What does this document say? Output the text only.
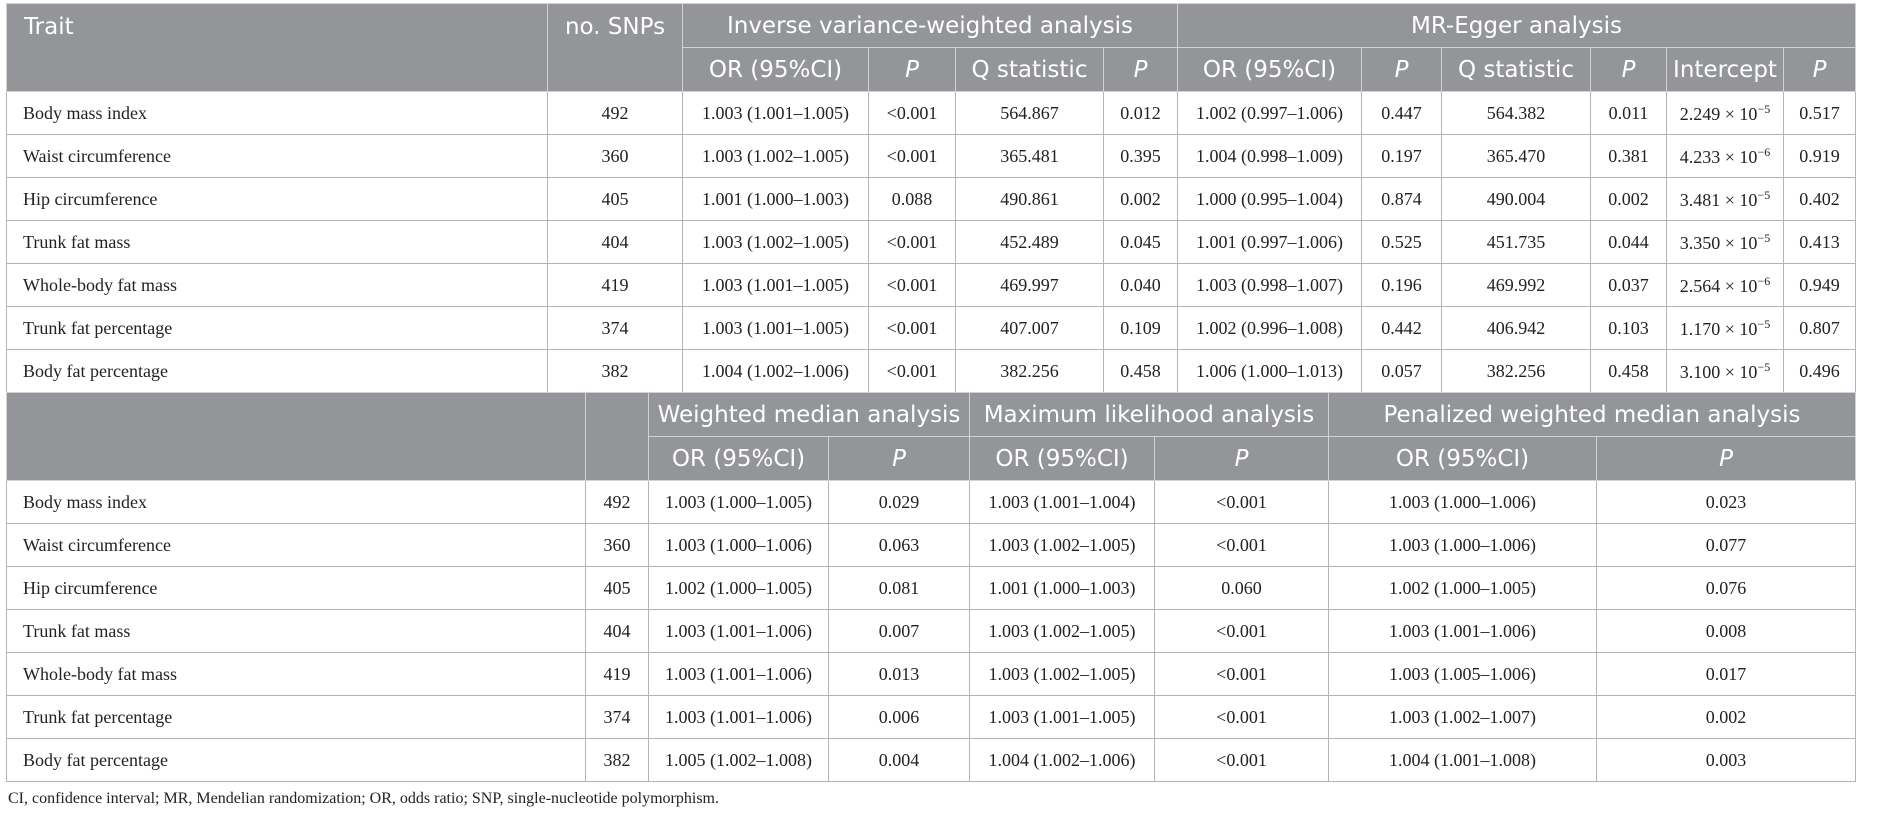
Trait	no. SNPs	Inverse variance-weighted analysis				MR-Egger analysis					
		OR (95%CI)	P	Q statistic	P	OR (95%CI)	P	Q statistic	P	Intercept	P
Body mass index	492	1.003 (1.001–1.005)	<0.001	564.867	0.012	1.002 (0.997–1.006)	0.447	564.382	0.011	$2.249 \times 10^{-5}$	0.517
Waist circumference	360	1.003 (1.002–1.005)	<0.001	365.481	0.395	1.004 (0.998–1.009)	0.197	365.470	0.381	$4.233 \times 10^{-6}$	0.919
Hip circumference	405	1.001 (1.000–1.003)	0.088	490.861	0.002	1.000 (0.995–1.004)	0.874	490.004	0.002	$3.481 \times 10^{-5}$	0.402
Trunk fat mass	404	1.003 (1.002–1.005)	<0.001	452.489	0.045	1.001 (0.997–1.006)	0.525	451.735	0.044	$3.350 \times 10^{-5}$	0.413
Whole-body fat mass	419	1.003 (1.001–1.005)	<0.001	469.997	0.040	1.003 (0.998–1.007)	0.196	469.992	0.037	$2.564 \times 10^{-6}$	0.949
Trunk fat percentage	374	1.003 (1.001–1.005)	<0.001	407.007	0.109	1.002 (0.996–1.008)	0.442	406.942	0.103	$1.170 \times 10^{-5}$	0.807
Body fat percentage	382	1.004 (1.002–1.006)	<0.001	382.256	0.458	1.006 (1.000–1.013)	0.057	382.256	0.458	$3.100 \times 10^{-5}$	0.496
		Weighted median analysis		Maximum likelihood analysis		Penalized weighted median analysis	
		OR (95%CI)	P	OR (95%CI)	P	OR (95%CI)	P
Body mass index	492	1.003 (1.000–1.005)	0.029	1.003 (1.001–1.004)	<0.001	1.003 (1.000–1.006)	0.023
Waist circumference	360	1.003 (1.000–1.006)	0.063	1.003 (1.002–1.005)	<0.001	1.003 (1.000–1.006)	0.077
Hip circumference	405	1.002 (1.000–1.005)	0.081	1.001 (1.000–1.003)	0.060	1.002 (1.000–1.005)	0.076
Trunk fat mass	404	1.003 (1.001–1.006)	0.007	1.003 (1.002–1.005)	<0.001	1.003 (1.001–1.006)	0.008
Whole-body fat mass	419	1.003 (1.001–1.006)	0.013	1.003 (1.002–1.005)	<0.001	1.003 (1.005–1.006)	0.017
Trunk fat percentage	374	1.003 (1.001–1.006)	0.006	1.003 (1.001–1.005)	<0.001	1.003 (1.002–1.007)	0.002
Body fat percentage	382	1.005 (1.002–1.008)	0.004	1.004 (1.002–1.006)	<0.001	1.004 (1.001–1.008)	0.003
CI, confidence interval; MR, Mendelian randomization; OR, odds ratio; SNP, single-nucleotide polymorphism.
